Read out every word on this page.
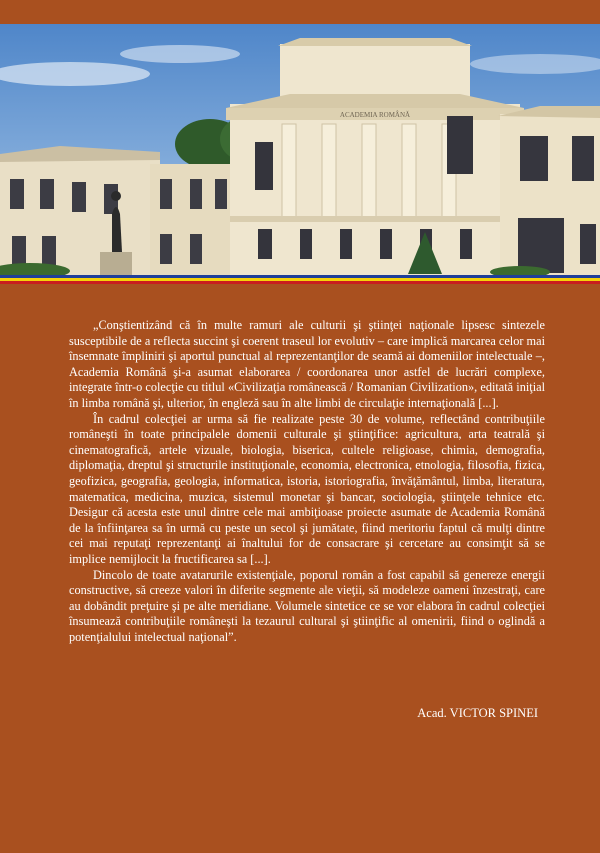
ACADEMIA ROMÂNĂ

„Conştientizând că în multe ramuri ale culturii şi ştiinţei naţionale lipsesc sintezele susceptibile de a reflecta succint şi coerent traseul lor evolutiv – care implică marcarea celor mai însemnate împliniri şi aportul punctual al reprezentanţilor de seamă ai domeniilor intelectuale –, Academia Română şi-a asumat elaborarea / coordonarea unor astfel de lucrări complexe, integrate într-o colecţie cu titlul «Civilizaţia românească / Romanian Civilization», editată iniţial în limba română şi, ulterior, în engleză sau în alte limbi de circulaţie internaţională [...].

În cadrul colecţiei ar urma să fie realizate peste 30 de volume, reflectând contribuţiile româneşti în toate principalele domenii culturale şi ştiinţifice: agricultura, arta teatrală şi cinematografică, artele vizuale, biologia, biserica, cultele religioase, chimia, demografia, diplomaţia, dreptul şi structurile instituţionale, economia, electronica, etnologia, filosofia, fizica, geofizica, geografia, geologia, informatica, istoria, istoriografia, învăţământul, limba, literatura, matematica, medicina, muzica, sistemul monetar şi bancar, sociologia, ştiinţele tehnice etc. Desigur că acesta este unul dintre cele mai ambiţioase proiecte asumate de Academia Română de la înfiinţarea sa în urmă cu peste un secol şi jumătate, fiind meritoriu faptul că mulţi dintre cei mai reputaţi reprezentanţi ai înaltului for de consacrare şi cercetare au consimţit să se implice nemijlocit la fructificarea sa [...].

Dincolo de toate avatarurile existenţiale, poporul român a fost capabil să genereze energii constructive, să creeze valori în diferite segmente ale vieţii, să modeleze oameni înzestraţi, care au dobândit preţuire şi pe alte meridiane. Volumele sintetice ce se vor elabora în cadrul colecţiei însumează contribuţiile româneşti la tezaurul cultural şi ştiinţific al omenirii, fiind o oglindă a potenţialului intelectual naţional”.

Acad. VICTOR SPINEI
